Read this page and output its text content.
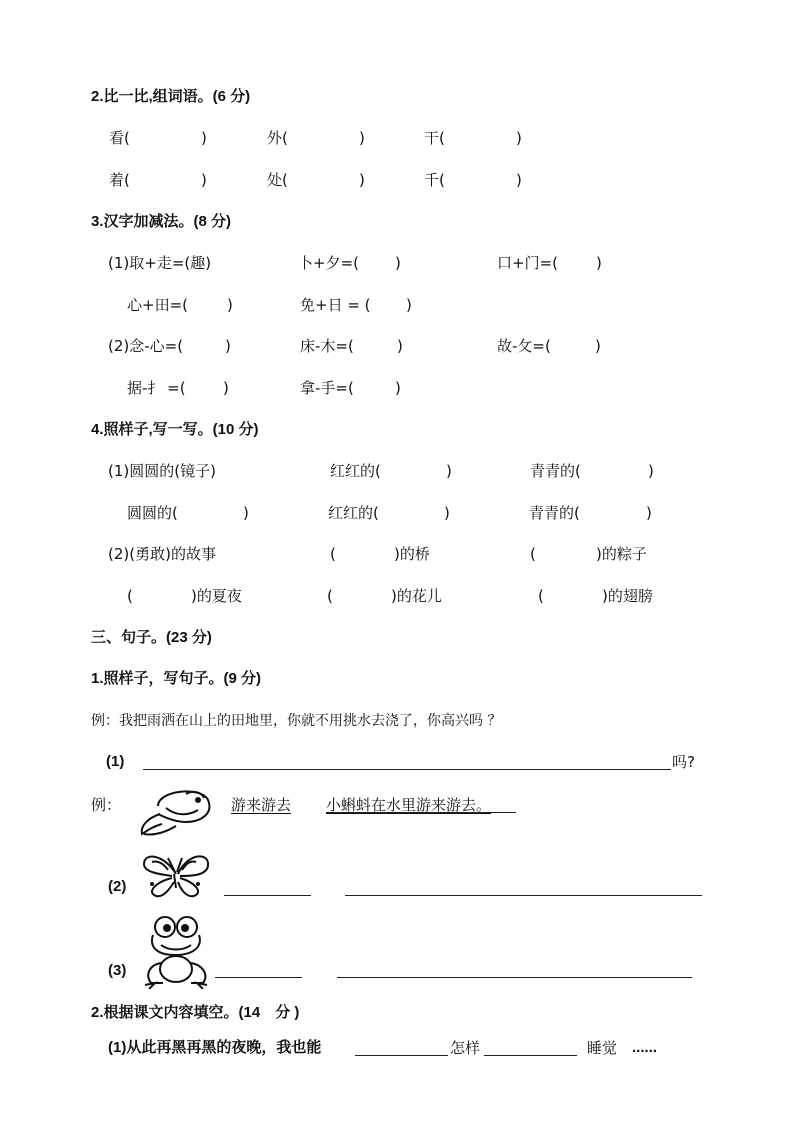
2.比一比,组词语。(6 分)
看(	)	外(	)	干(	)
着(	)	处(	)	千(	)
3.汉字加减法。(8 分)
(1)取+走=(趣)	卜+夕=( )	口+门=(	)
心+田=(	)	免+日 = ( )
(2)念-心=(	)	床-木=(	)	故-攵=(	)
据-扌 =( )	拿-手=(	)
4.照样子,写一写。(10 分)
(1)圆圆的(镜子)	红红的(	)	青青的(	)
圆圆的(	)	红红的(	)	青青的(	)
(2)(勇敢)的故事	(	)的桥	(	)的粽子
(	)的夏夜	(	)的花儿	(	)的翅膀
三、句子。(23 分)
1.照样子，写句子。(9 分)
例：我把雨洒在山上的田地里，你就不用挑水去浇了，你高兴吗 ？
(1)	吗?
例：	游来游去 小蝌蚪在水里游来游去。
(2)
(3)
2.根据课文内容填空。(14　分 )
(1)从此再黑再黑的夜晚，我也能	怎样	睡觉 ......
